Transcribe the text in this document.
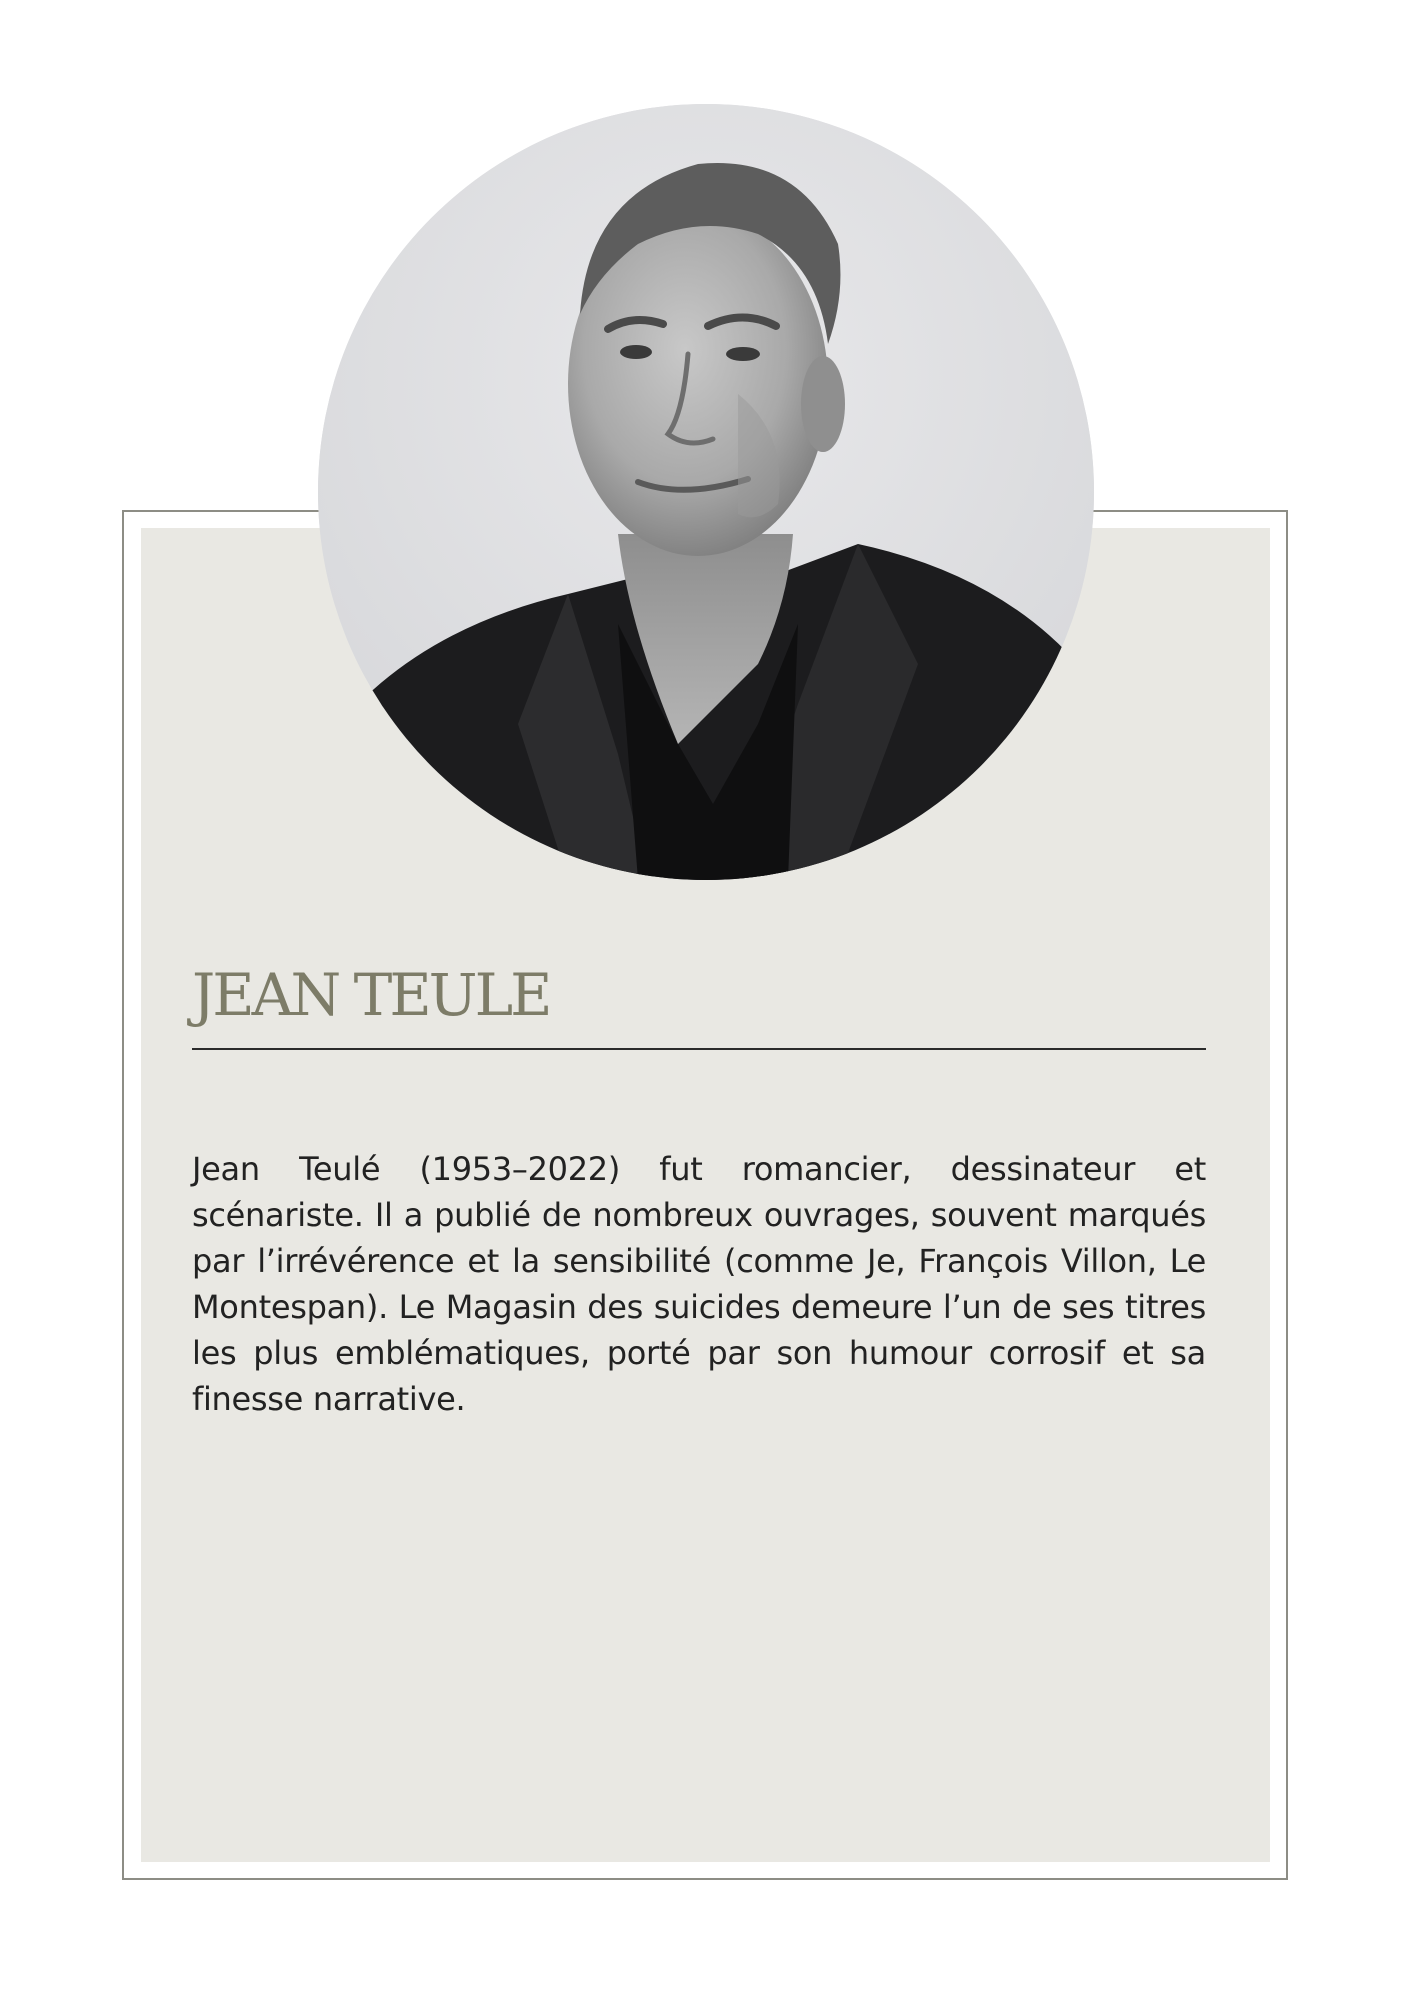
JEAN TEULE

Jean Teulé (1953–2022) fut romancier, dessinateur et scénariste. Il a publié de nombreux ouvrages, souvent marqués par l’irrévérence et la sensibilité (comme Je, François Villon, Le Montespan). Le Magasin des suicides demeure l’un de ses titres les plus emblématiques, porté par son humour corrosif et sa finesse narrative.
